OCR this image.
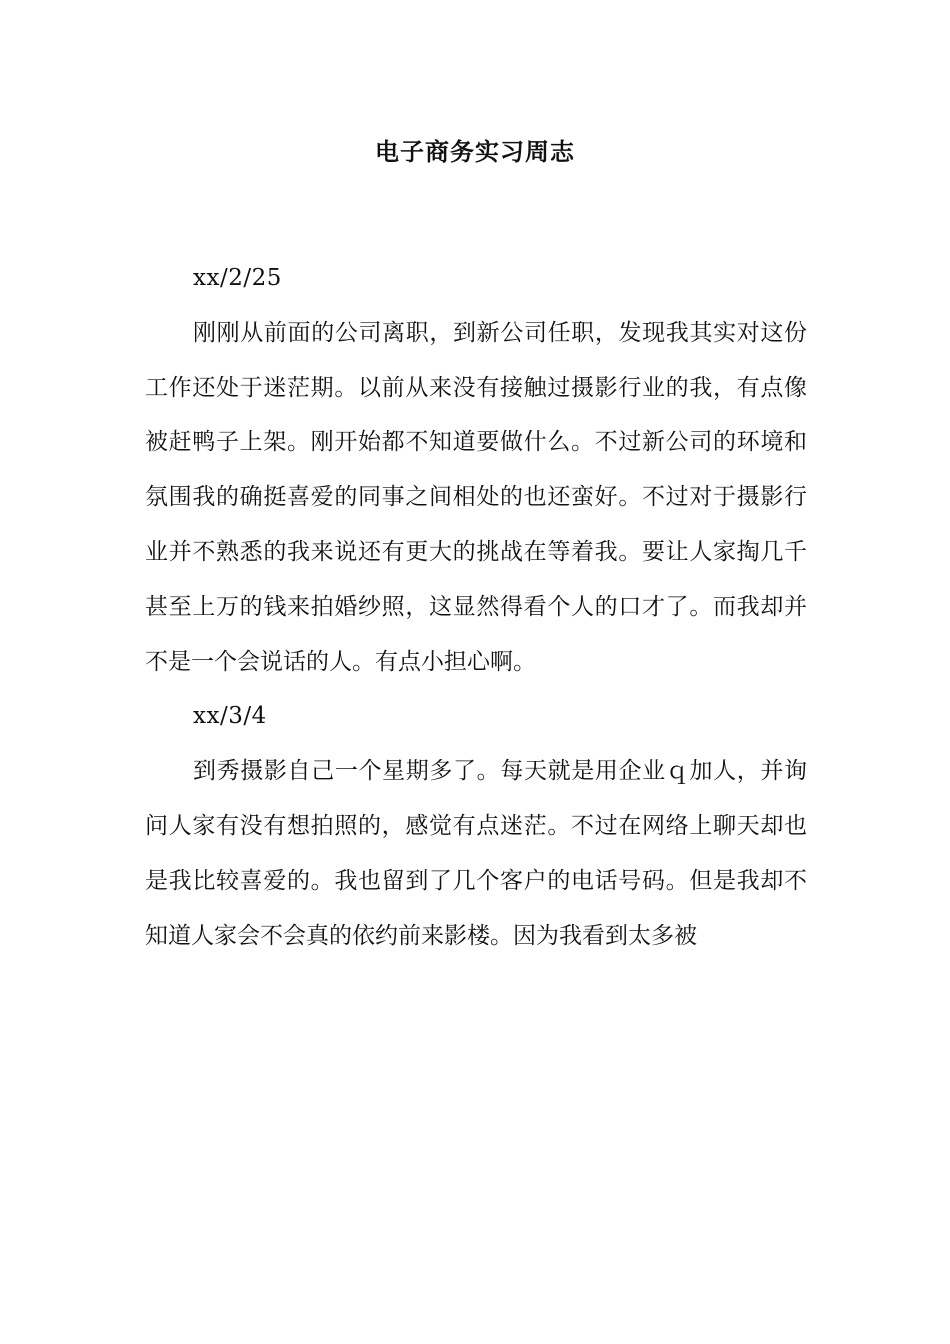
电子商务实习周志

xx/2/25

刚刚从前面的公司离职，到新公司任职，发现我其实对这份工作还处于迷茫期。以前从来没有接触过摄影行业的我，有点像被赶鸭子上架。刚开始都不知道要做什么。不过新公司的环境和氛围我的确挺喜爱的同事之间相处的也还蛮好。不过对于摄影行业并不熟悉的我来说还有更大的挑战在等着我。要让人家掏几千甚至上万的钱来拍婚纱照，这显然得看个人的口才了。而我却并不是一个会说话的人。有点小担心啊。

xx/3/4

到秀摄影自己一个星期多了。每天就是用企业ｑ加人，并询问人家有没有想拍照的，感觉有点迷茫。不过在网络上聊天却也是我比较喜爱的。我也留到了几个客户的电话号码。但是我却不知道人家会不会真的依约前来影楼。因为我看到太多被
